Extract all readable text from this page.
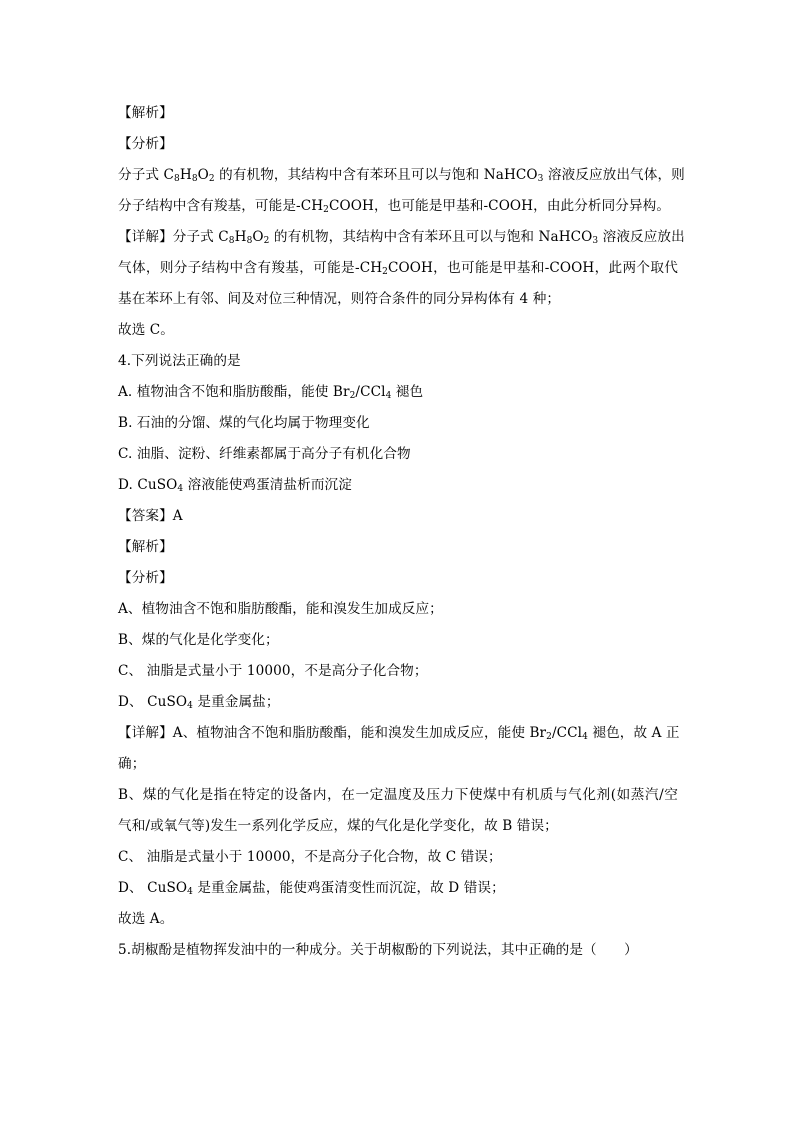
【解析】
【分析】
分子式 $C_8H_8O_2$ 的有机物，其结构中含有苯环且可以与饱和 NaHCO$_3$ 溶液反应放出气体，则
分子结构中含有羧基，可能是$-CH_2COOH$，也可能是甲基和-COOH，由此分析同分异构。
【详解】分子式 $C_8H_8O_2$ 的有机物，其结构中含有苯环且可以与饱和 NaHCO$_3$ 溶液反应放出
气体，则分子结构中含有羧基，可能是$-CH_2COOH$，也可能是甲基和-COOH，此两个取代
基在苯环上有邻、间及对位三种情况，则符合条件的同分异构体有 4 种；
故选 C。
4.下列说法正确的是
A. 植物油含不饱和脂肪酸酯，能使 $Br_2/CCl_4$ 褪色
B. 石油的分馏、煤的气化均属于物理变化
C. 油脂、淀粉、纤维素都属于高分子有机化合物
D. CuSO$_4$ 溶液能使鸡蛋清盐析而沉淀
【答案】A
【解析】
【分析】
A、植物油含不饱和脂肪酸酯，能和溴发生加成反应；
B、煤的气化是化学变化；
C、 油脂是式量小于 10000，不是高分子化合物；
D、 CuSO$_4$ 是重金属盐；
【详解】A、植物油含不饱和脂肪酸酯，能和溴发生加成反应，能使 $Br_2/CCl_4$ 褪色，故 A 正
确；
B、煤的气化是指在特定的设备内，在一定温度及压力下使煤中有机质与气化剂(如蒸汽/空
气和/或氧气等)发生一系列化学反应，煤的气化是化学变化，故 B 错误；
C、 油脂是式量小于 10000，不是高分子化合物，故 C 错误；
D、 CuSO$_4$ 是重金属盐，能使鸡蛋清变性而沉淀，故 D 错误；
故选 A。
5.胡椒酚是植物挥发油中的一种成分。关于胡椒酚的下列说法，其中正确的是（　　）
